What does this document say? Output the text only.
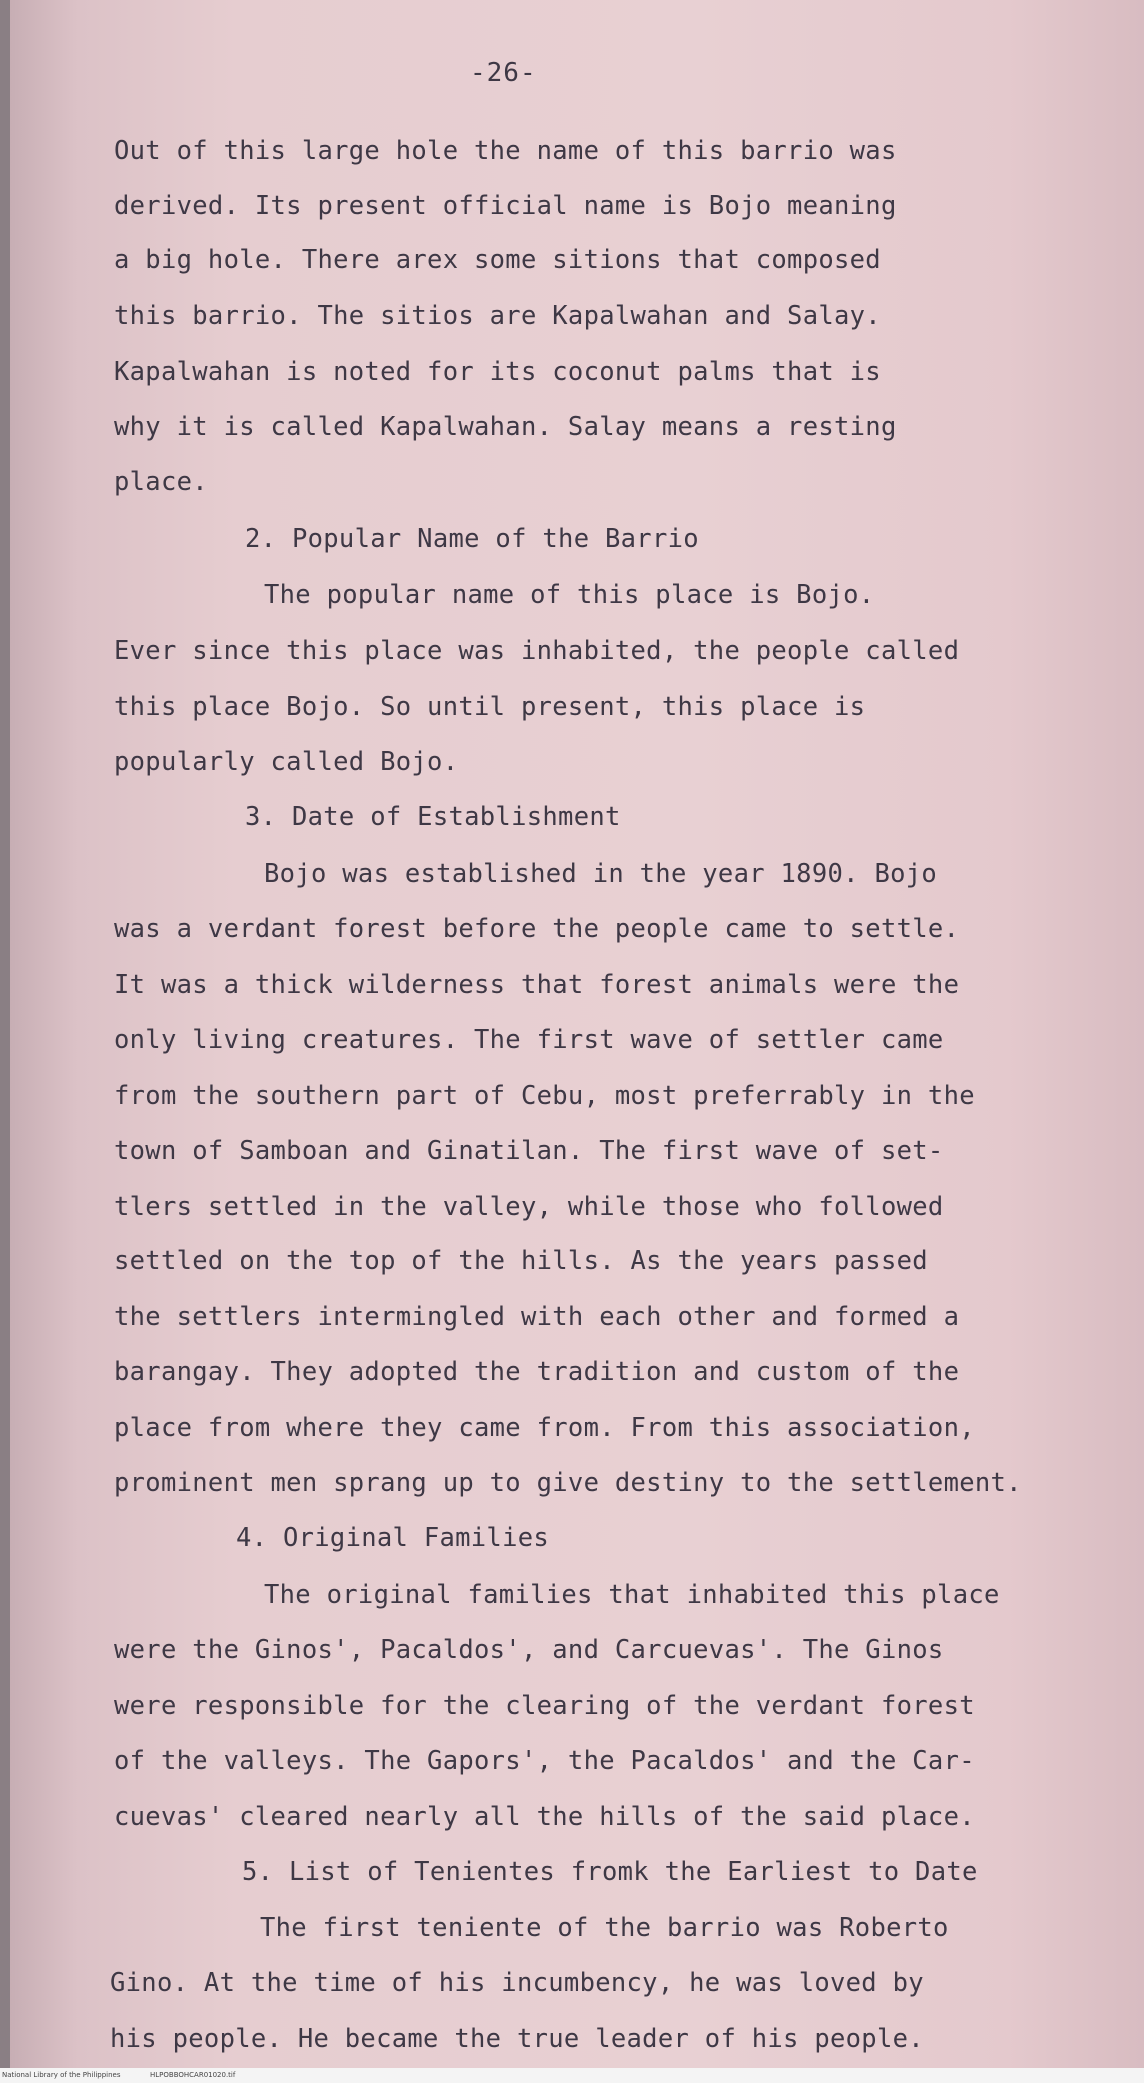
-26-
Out of this large hole the name of this barrio was
derived. Its present official name is Bojo meaning
a big hole. There arex some sitions that composed
this barrio. The sitios are Kapalwahan and Salay.
Kapalwahan is noted for its coconut palms that is
why it is called Kapalwahan. Salay means a resting
place.
2. Popular Name of the Barrio
The popular name of this place is Bojo.
Ever since this place was inhabited, the people called
this place Bojo. So until present, this place is
popularly called Bojo.
3. Date of Establishment
Bojo was established in the year 1890. Bojo
was a verdant forest before the people came to settle.
It was a thick wilderness that forest animals were the
only living creatures. The first wave of settler came
from the southern part of Cebu, most preferrably in the
town of Samboan and Ginatilan. The first wave of set-
tlers settled in the valley, while those who followed
settled on the top of the hills. As the years passed
the settlers intermingled with each other and formed a
barangay. They adopted the tradition and custom of the
place from where they came from. From this association,
prominent men sprang up to give destiny to the settlement.
4. Original Families
The original families that inhabited this place
were the Ginos', Pacaldos', and Carcuevas'. The Ginos
were responsible for the clearing of the verdant forest
of the valleys. The Gapors', the Pacaldos' and the Car-
cuevas' cleared nearly all the hills of the said place.
5. List of Tenientes fromk the Earliest to Date
The first teniente of the barrio was Roberto
Gino. At the time of his incumbency, he was loved by
his people. He became the true leader of his people.
National Library of the Philippines	HLPOBBOHCAR01020.tif
